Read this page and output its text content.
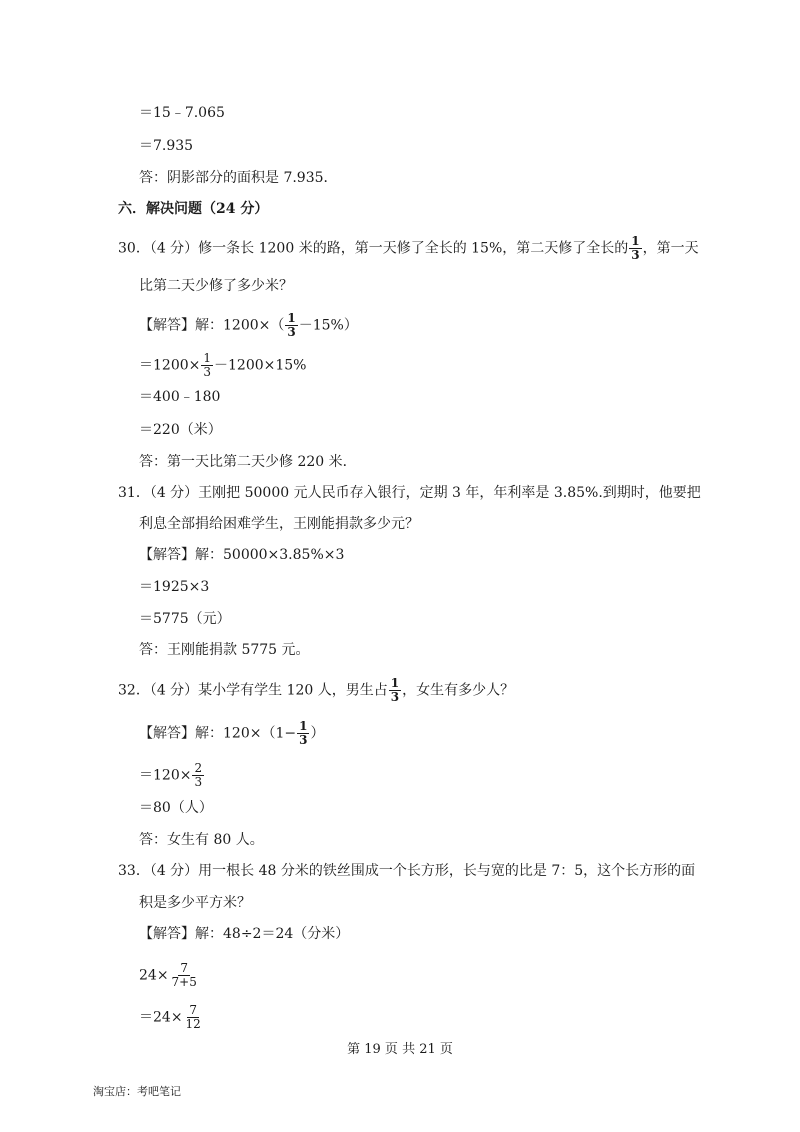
＝15﹣7.065
＝7.935
答：阴影部分的面积是 7.935．
六．解决问题（24 分）
30．（4 分）修一条长 1200 米的路，第一天修了全长的 15%，第二天修了全长的 $\frac{1}{3}$ ，第一天
比第二天少修了多少米？
【解答】解：$1200\times( \frac{1}{3} -15\%)$
$=1200\times \frac{1}{3} -1200\times 15\%$
＝400﹣180
＝220（米）
答：第一天比第二天少修 220 米．
31．（4 分）王刚把 50000 元人民币存入银行，定期 3 年，年利率是 3.85%.到期时，他要把
利息全部捐给困难学生，王刚能捐款多少元？
【解答】解：50000×3.85%×3
＝1925×3
＝5775（元）
答：王刚能捐款 5775 元。
32．（4 分）某小学有学生 120 人，男生占 $\frac{1}{3}$ ，女生有多少人？
【解答】解：$120\times(1- \frac{1}{3}$ ）
$=120\times \frac{2}{3}$
＝80（人）
答：女生有 80 人。
33．（4 分）用一根长 48 分米的铁丝围成一个长方形，长与宽的比是 7：5，这个长方形的面
积是多少平方米？
【解答】解：48÷2＝24（分米）
$24\times \frac{7}{7+5}$
$=24\times \frac{7}{12}$
第 19 页 共 21 页
淘宝店：考吧笔记
